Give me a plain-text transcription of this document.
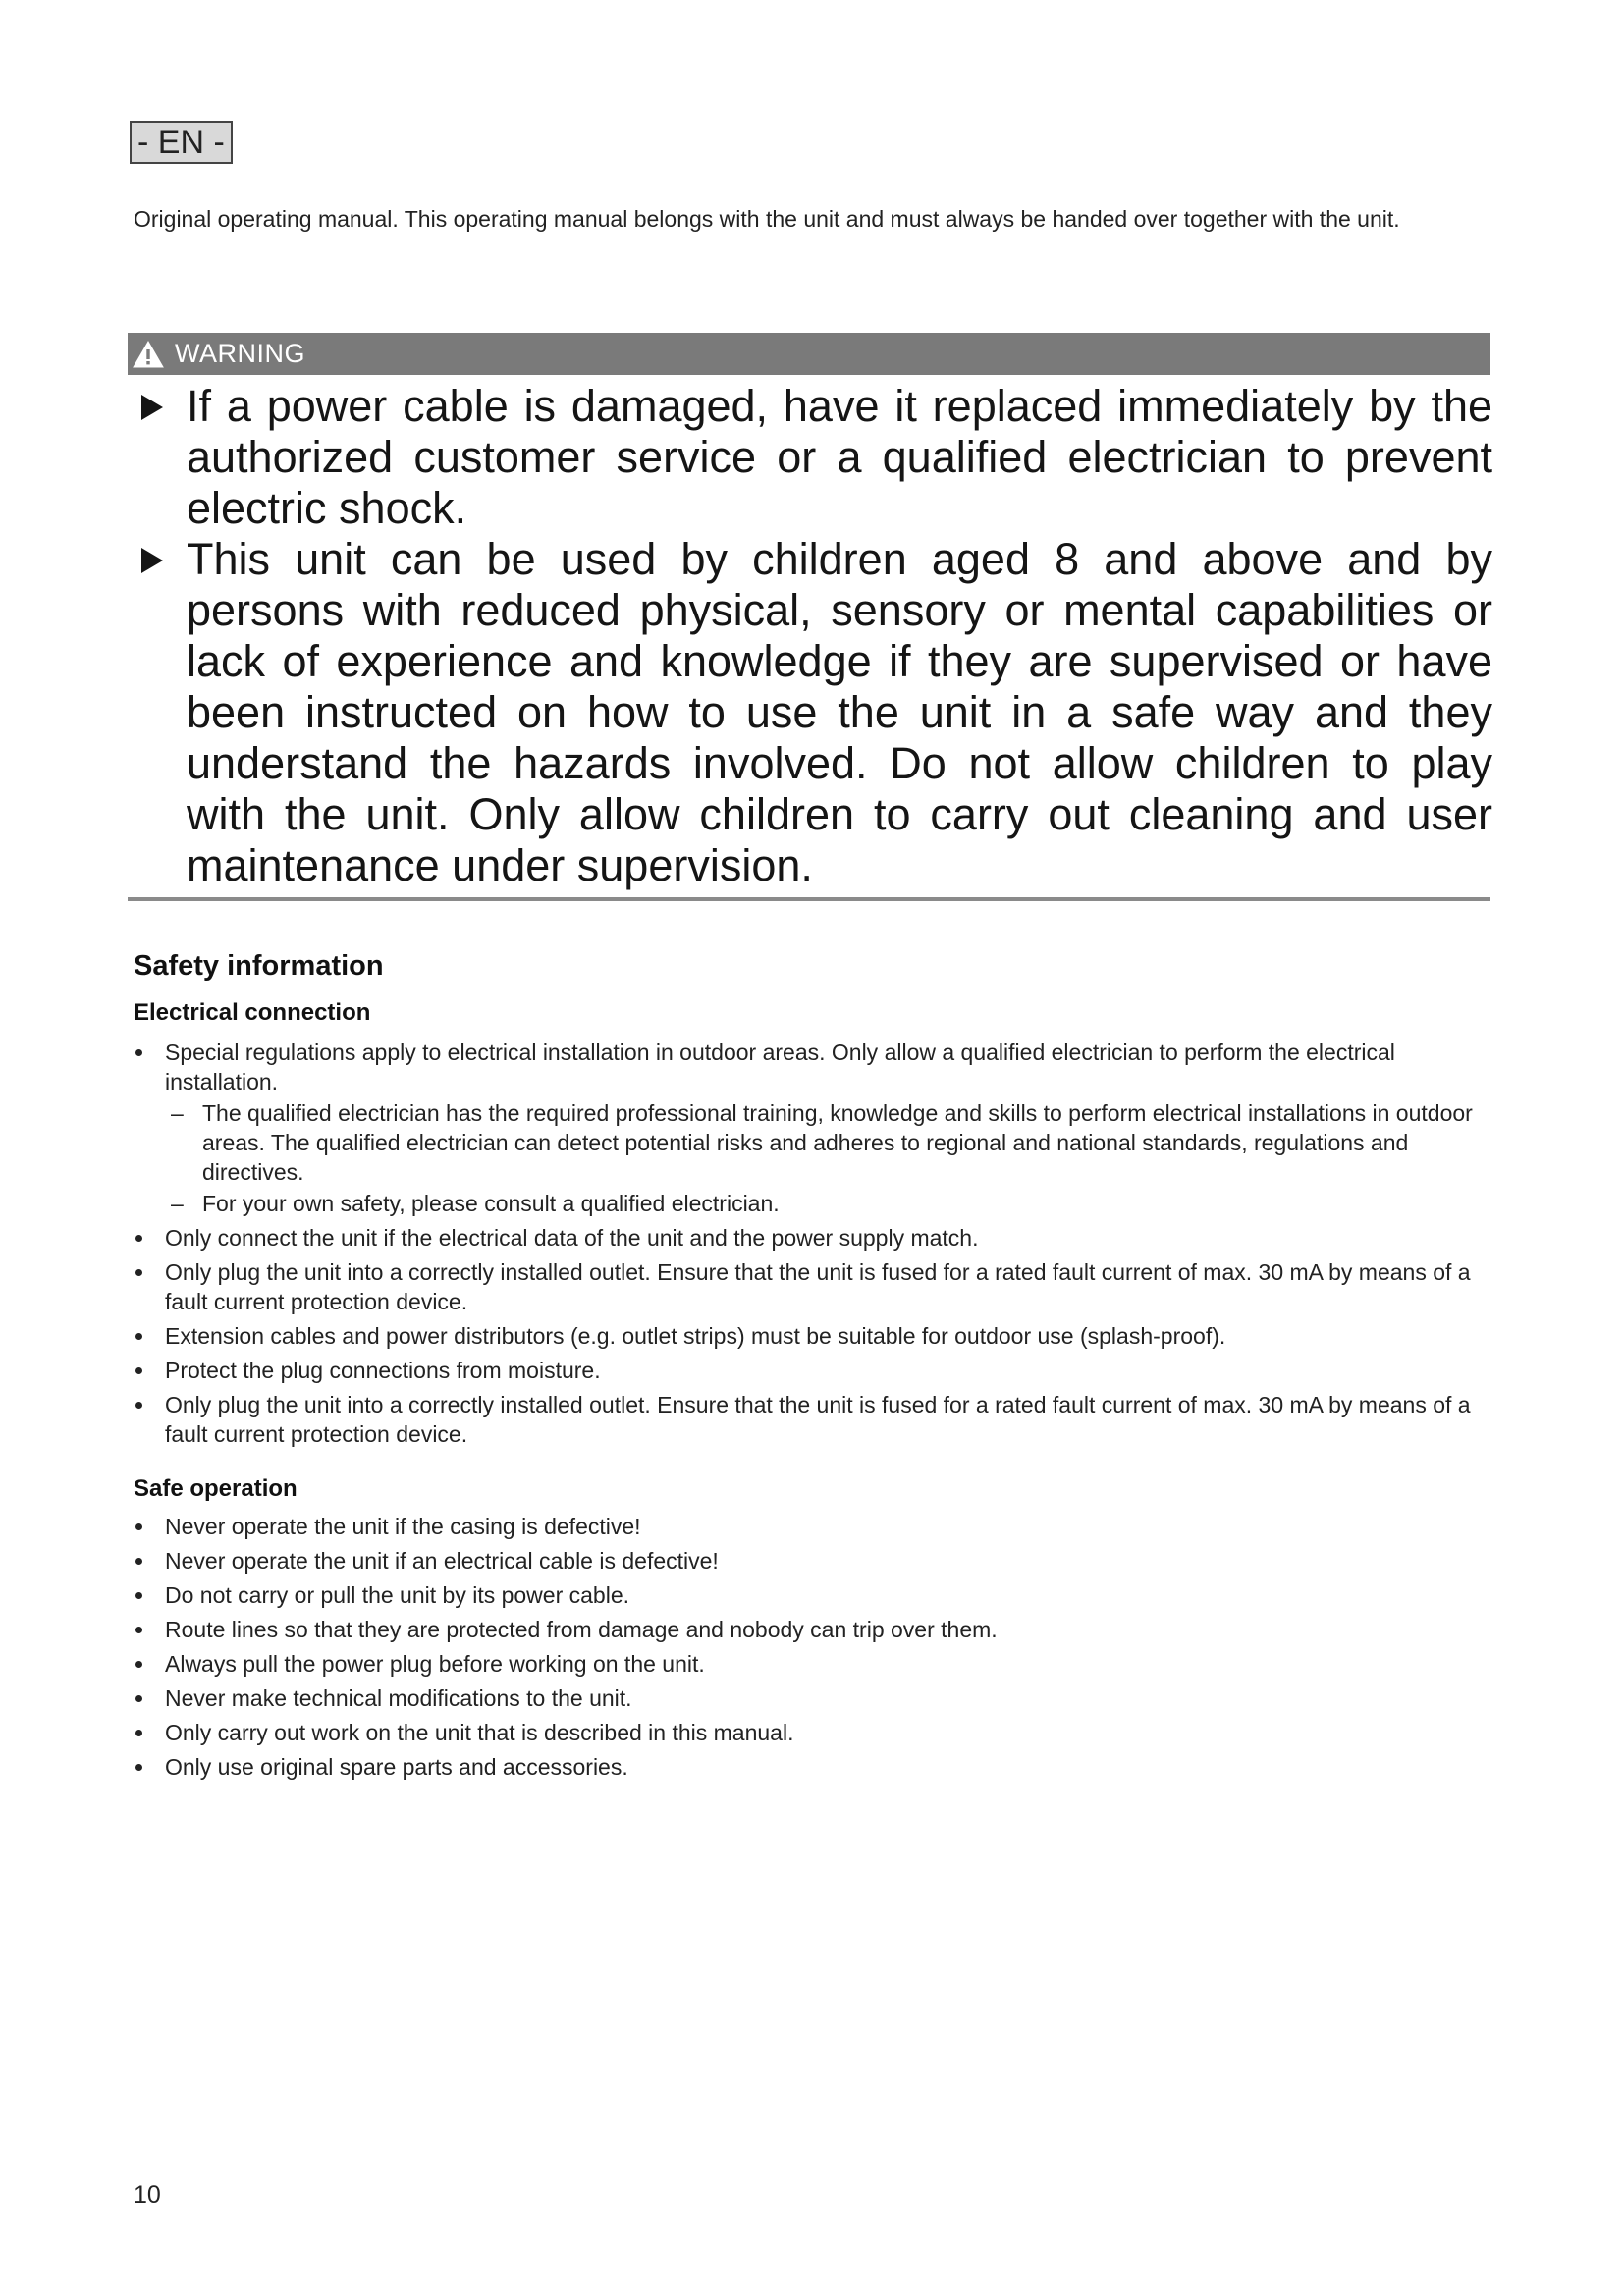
- EN -

Original operating manual. This operating manual belongs with the unit and must always be handed over together with the unit.

WARNING
If a power cable is damaged, have it replaced immediately by the authorized customer service or a qualified electrician to prevent electric shock.
This unit can be used by children aged 8 and above and by persons with reduced physical, sensory or mental capabilities or lack of experience and knowledge if they are supervised or have been instructed on how to use the unit in a safe way and they understand the hazards involved. Do not allow children to play with the unit. Only allow children to carry out cleaning and user maintenance under supervision.
Safety information
Electrical connection
Special regulations apply to electrical installation in outdoor areas. Only allow a qualified electrician to perform the electrical installation.
– The qualified electrician has the required professional training, knowledge and skills to perform electrical installations in outdoor areas. The qualified electrician can detect potential risks and adheres to regional and national standards, regulations and directives.
– For your own safety, please consult a qualified electrician.
Only connect the unit if the electrical data of the unit and the power supply match.
Only plug the unit into a correctly installed outlet. Ensure that the unit is fused for a rated fault current of max. 30 mA by means of a fault current protection device.
Extension cables and power distributors (e.g. outlet strips) must be suitable for outdoor use (splash-proof).
Protect the plug connections from moisture.
Only plug the unit into a correctly installed outlet. Ensure that the unit is fused for a rated fault current of max. 30 mA by means of a fault current protection device.
Safe operation
Never operate the unit if the casing is defective!
Never operate the unit if an electrical cable is defective!
Do not carry or pull the unit by its power cable.
Route lines so that they are protected from damage and nobody can trip over them.
Always pull the power plug before working on the unit.
Never make technical modifications to the unit.
Only carry out work on the unit that is described in this manual.
Only use original spare parts and accessories.
10
